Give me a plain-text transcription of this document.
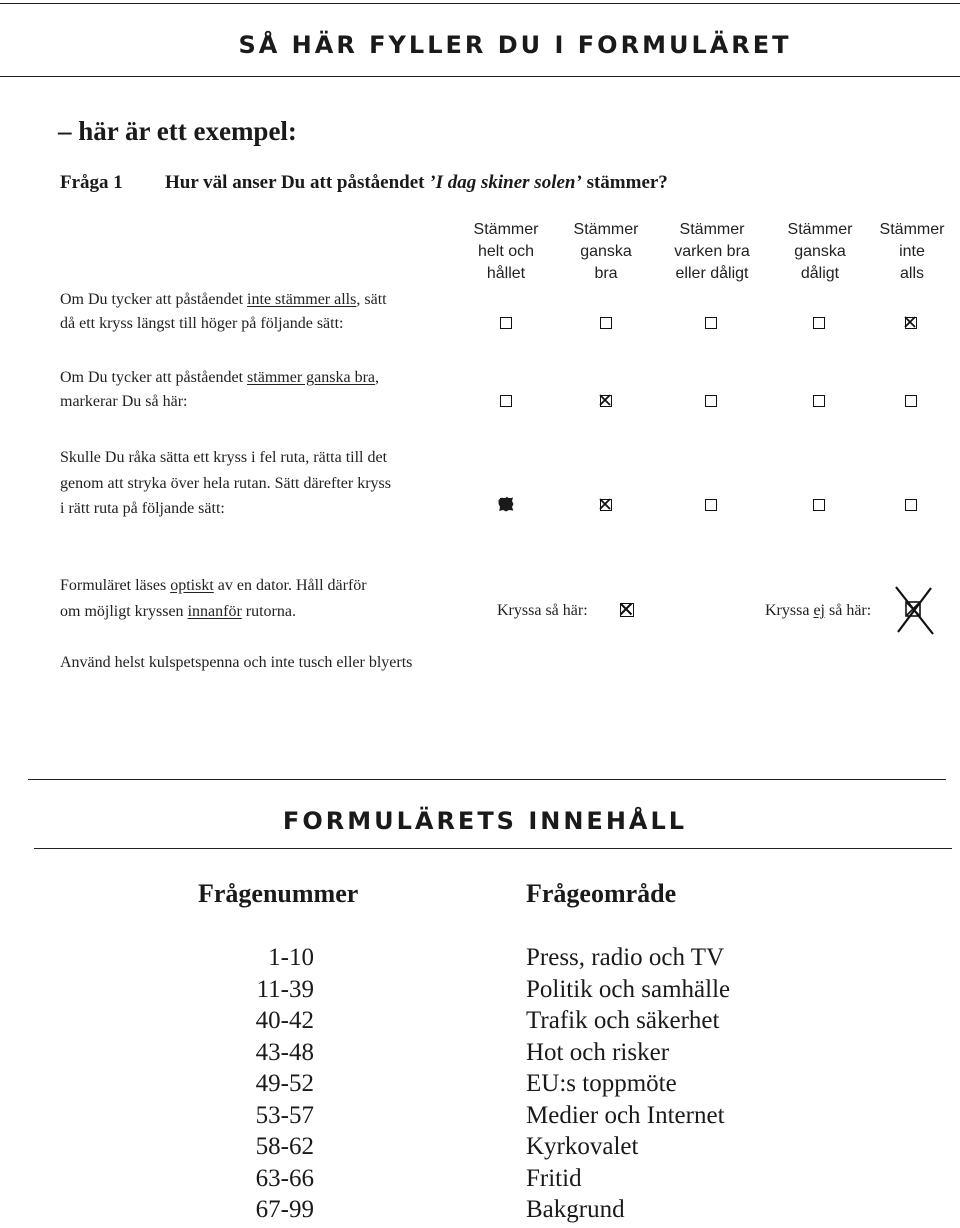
SÅ HÄR FYLLER DU I FORMULÄRET
– här är ett exempel:
Fråga 1 Hur väl anser Du att påståendet ’I dag skiner solen’ stämmer?
Stämmer
helt och
hållet
Stämmer
ganska
bra
Stämmer
varken bra
eller dåligt
Stämmer
ganska
dåligt
Stämmer
inte
alls
Om Du tycker att påståendet inte stämmer alls, sätt
då ett kryss längst till höger på följande sätt:
Om Du tycker att påståendet stämmer ganska bra,
markerar Du så här:
Skulle Du råka sätta ett kryss i fel ruta, rätta till det
genom att stryka över hela rutan. Sätt därefter kryss
i rätt ruta på följande sätt:
Formuläret läses optiskt av en dator. Håll därför
om möjligt kryssen innanför rutorna.	Kryssa så här:	Kryssa ej så här:
Använd helst kulspetspenna och inte tusch eller blyerts
FORMULÄRETS INNEHÅLL
Frågenummer	Frågeområde
1-10	Press, radio och TV
11-39	Politik och samhälle
40-42	Trafik och säkerhet
43-48	Hot och risker
49-52	EU:s toppmöte
53-57	Medier och Internet
58-62	Kyrkovalet
63-66	Fritid
67-99	Bakgrund
